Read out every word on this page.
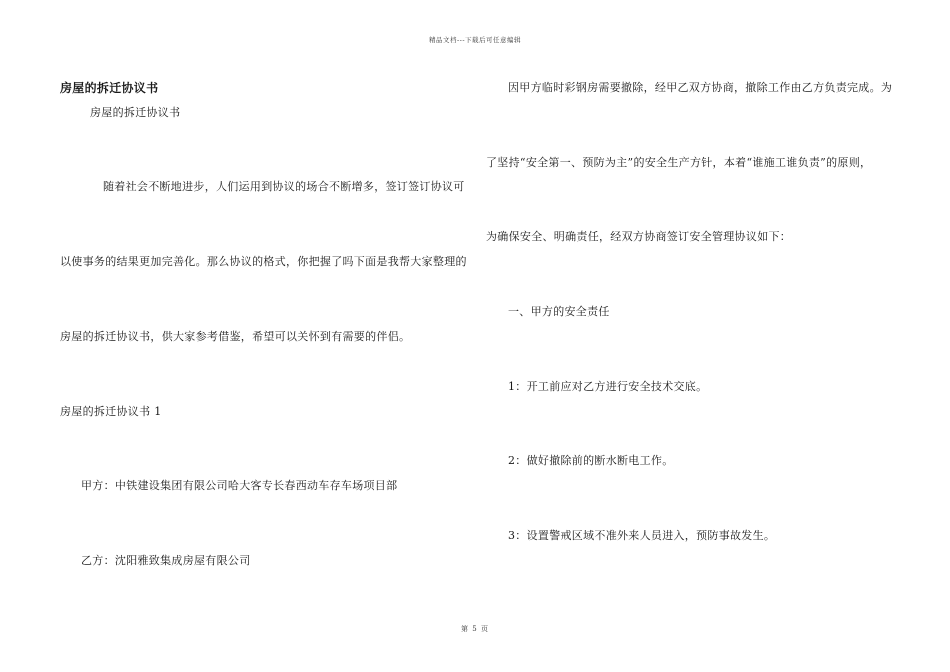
精品文档---下载后可任意编辑
房屋的拆迁协议书
房屋的拆迁协议书
随着社会不断地进步，人们运用到协议的场合不断增多，签订签订协议可
以使事务的结果更加完善化。那么协议的格式，你把握了吗下面是我帮大家整理的
房屋的拆迁协议书，供大家参考借鉴，希望可以关怀到有需要的伴侣。
房屋的拆迁协议书 1
甲方：中铁建设集团有限公司哈大客专长春西动车存车场项目部
乙方：沈阳雅致集成房屋有限公司
因甲方临时彩钢房需要撤除，经甲乙双方协商，撤除工作由乙方负责完成。为
了坚持“安全第一、预防为主”的安全生产方针，本着“谁施工谁负责”的原则，
为确保安全、明确责任，经双方协商签订安全管理协议如下：
一、甲方的安全责任
1：开工前应对乙方进行安全技术交底。
2：做好撤除前的断水断电工作。
3：设置警戒区域不准外来人员进入，预防事故发生。
第 5 页
